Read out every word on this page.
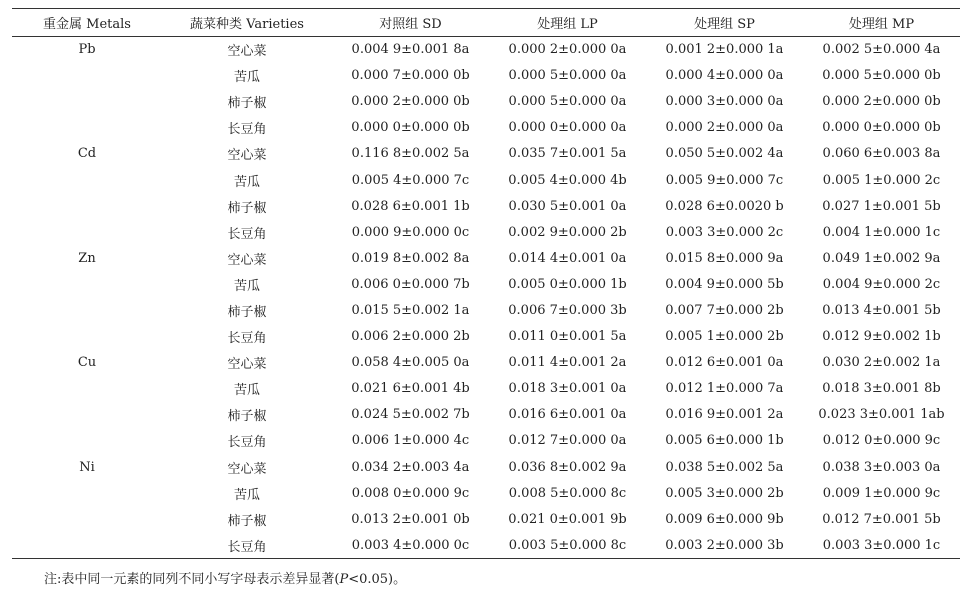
重金属 Metals	蔬菜种类 Varieties	对照组 SD	处理组 LP	处理组 SP	处理组 MP
Pb	空心菜	0.004 9±0.001 8a	0.000 2±0.000 0a	0.001 2±0.000 1a	0.002 5±0.000 4a
	苦瓜	0.000 7±0.000 0b	0.000 5±0.000 0a	0.000 4±0.000 0a	0.000 5±0.000 0b
	柿子椒	0.000 2±0.000 0b	0.000 5±0.000 0a	0.000 3±0.000 0a	0.000 2±0.000 0b
	长豆角	0.000 0±0.000 0b	0.000 0±0.000 0a	0.000 2±0.000 0a	0.000 0±0.000 0b
Cd	空心菜	0.116 8±0.002 5a	0.035 7±0.001 5a	0.050 5±0.002 4a	0.060 6±0.003 8a
	苦瓜	0.005 4±0.000 7c	0.005 4±0.000 4b	0.005 9±0.000 7c	0.005 1±0.000 2c
	柿子椒	0.028 6±0.001 1b	0.030 5±0.001 0a	0.028 6±0.0020 b	0.027 1±0.001 5b
	长豆角	0.000 9±0.000 0c	0.002 9±0.000 2b	0.003 3±0.000 2c	0.004 1±0.000 1c
Zn	空心菜	0.019 8±0.002 8a	0.014 4±0.001 0a	0.015 8±0.000 9a	0.049 1±0.002 9a
	苦瓜	0.006 0±0.000 7b	0.005 0±0.000 1b	0.004 9±0.000 5b	0.004 9±0.000 2c
	柿子椒	0.015 5±0.002 1a	0.006 7±0.000 3b	0.007 7±0.000 2b	0.013 4±0.001 5b
	长豆角	0.006 2±0.000 2b	0.011 0±0.001 5a	0.005 1±0.000 2b	0.012 9±0.002 1b
Cu	空心菜	0.058 4±0.005 0a	0.011 4±0.001 2a	0.012 6±0.001 0a	0.030 2±0.002 1a
	苦瓜	0.021 6±0.001 4b	0.018 3±0.001 0a	0.012 1±0.000 7a	0.018 3±0.001 8b
	柿子椒	0.024 5±0.002 7b	0.016 6±0.001 0a	0.016 9±0.001 2a	0.023 3±0.001 1ab
	长豆角	0.006 1±0.000 4c	0.012 7±0.000 0a	0.005 6±0.000 1b	0.012 0±0.000 9c
Ni	空心菜	0.034 2±0.003 4a	0.036 8±0.002 9a	0.038 5±0.002 5a	0.038 3±0.003 0a
	苦瓜	0.008 0±0.000 9c	0.008 5±0.000 8c	0.005 3±0.000 2b	0.009 1±0.000 9c
	柿子椒	0.013 2±0.001 0b	0.021 0±0.001 9b	0.009 6±0.000 9b	0.012 7±0.001 5b
	长豆角	0.003 4±0.000 0c	0.003 5±0.000 8c	0.003 2±0.000 3b	0.003 3±0.000 1c
注:表中同一元素的同列不同小写字母表示差异显著(P<0.05)。
